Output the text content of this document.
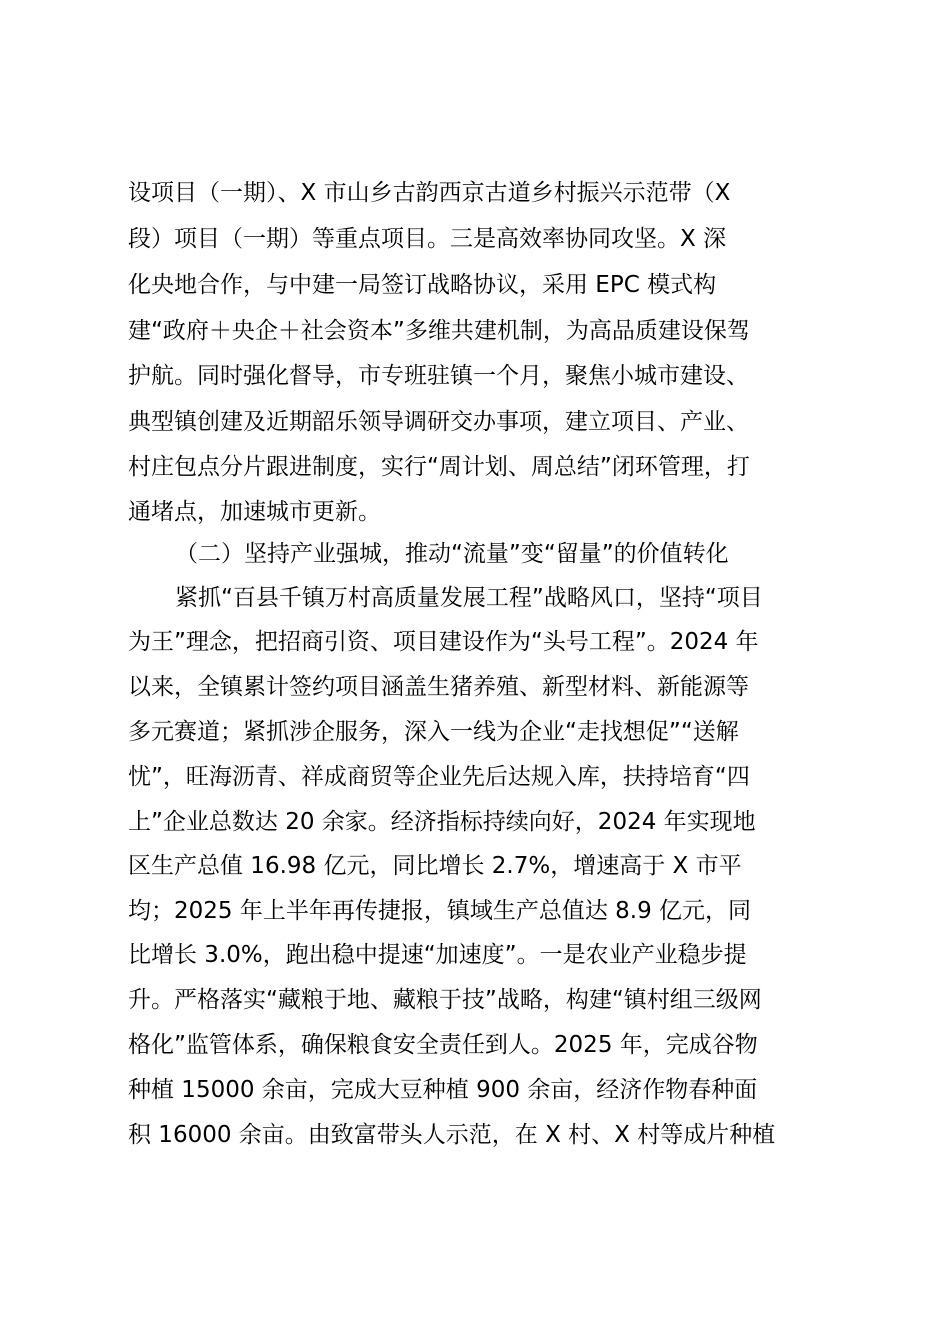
设项目（一期）、X 市山乡古韵西京古道乡村振兴示范带（X
段）项目（一期）等重点项目。三是高效率协同攻坚。X 深
化央地合作，与中建一局签订战略协议，采用 EPC 模式构
建“政府＋央企＋社会资本”多维共建机制，为高品质建设保驾
护航。同时强化督导，市专班驻镇一个月，聚焦小城市建设、
典型镇创建及近期韶乐领导调研交办事项，建立项目、产业、
村庄包点分片跟进制度，实行“周计划、周总结”闭环管理，打
通堵点，加速城市更新。
（二）坚持产业强城，推动“流量”变“留量”的价值转化
紧抓“百县千镇万村高质量发展工程”战略风口，坚持“项目
为王”理念，把招商引资、项目建设作为“头号工程”。2024 年
以来，全镇累计签约项目涵盖生猪养殖、新型材料、新能源等
多元赛道；紧抓涉企服务，深入一线为企业“走找想促”“送解
忧”，旺海沥青、祥成商贸等企业先后达规入库，扶持培育“四
上”企业总数达 20 余家。经济指标持续向好，2024 年实现地
区生产总值 16.98 亿元，同比增长 2.7%，增速高于 X 市平
均；2025 年上半年再传捷报，镇域生产总值达 8.9 亿元，同
比增长 3.0%，跑出稳中提速“加速度”。一是农业产业稳步提
升。严格落实“藏粮于地、藏粮于技”战略，构建“镇村组三级网
格化”监管体系，确保粮食安全责任到人。2025 年，完成谷物
种植 15000 余亩，完成大豆种植 900 余亩，经济作物春种面
积 16000 余亩。由致富带头人示范，在 X 村、X 村等成片种植
